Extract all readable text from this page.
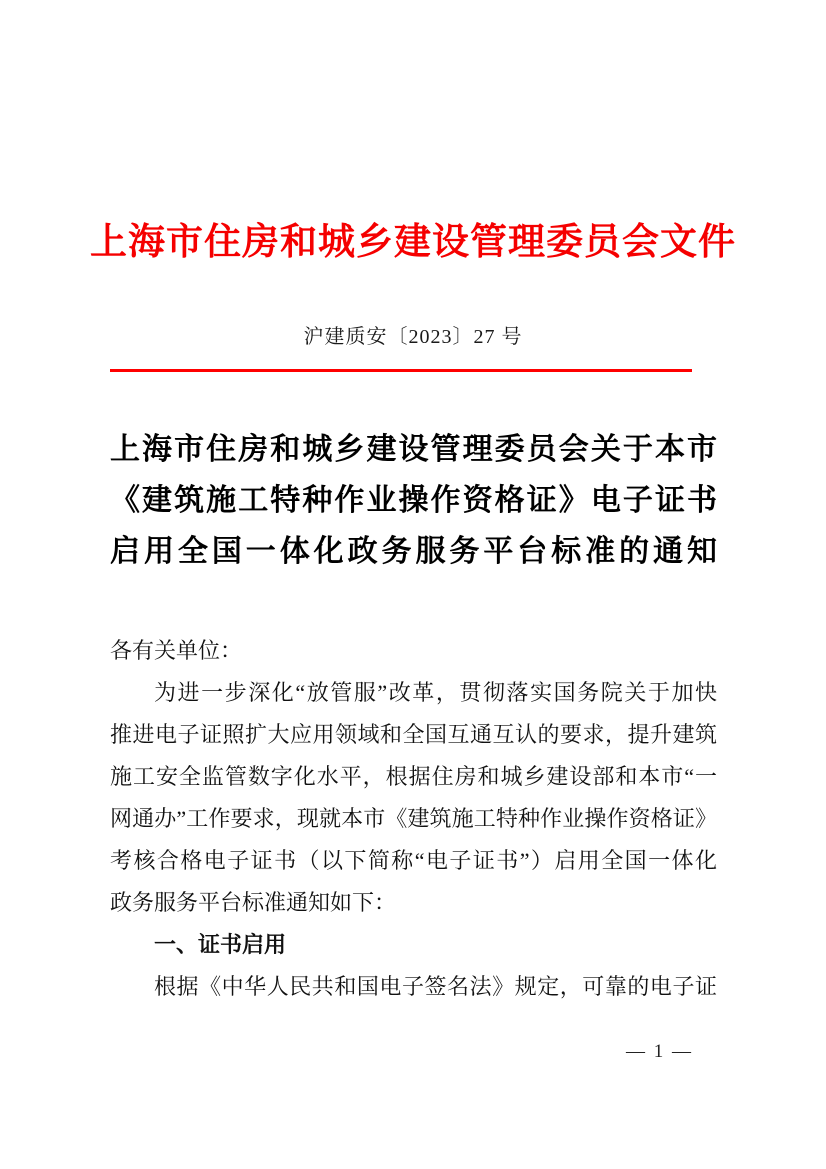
上海市住房和城乡建设管理委员会文件
沪建质安〔2023〕27 号
上海市住房和城乡建设管理委员会关于本市
《建筑施工特种作业操作资格证》电子证书
启用全国一体化政务服务平台标准的通知
各有关单位：
为进一步深化“放管服”改革，贯彻落实国务院关于加快
推进电子证照扩大应用领域和全国互通互认的要求，提升建筑
施工安全监管数字化水平，根据住房和城乡建设部和本市“一
网通办”工作要求，现就本市《建筑施工特种作业操作资格证》
考核合格电子证书（以下简称“电子证书”）启用全国一体化
政务服务平台标准通知如下：
一、证书启用
根据《中华人民共和国电子签名法》规定，可靠的电子证
— 1 —
